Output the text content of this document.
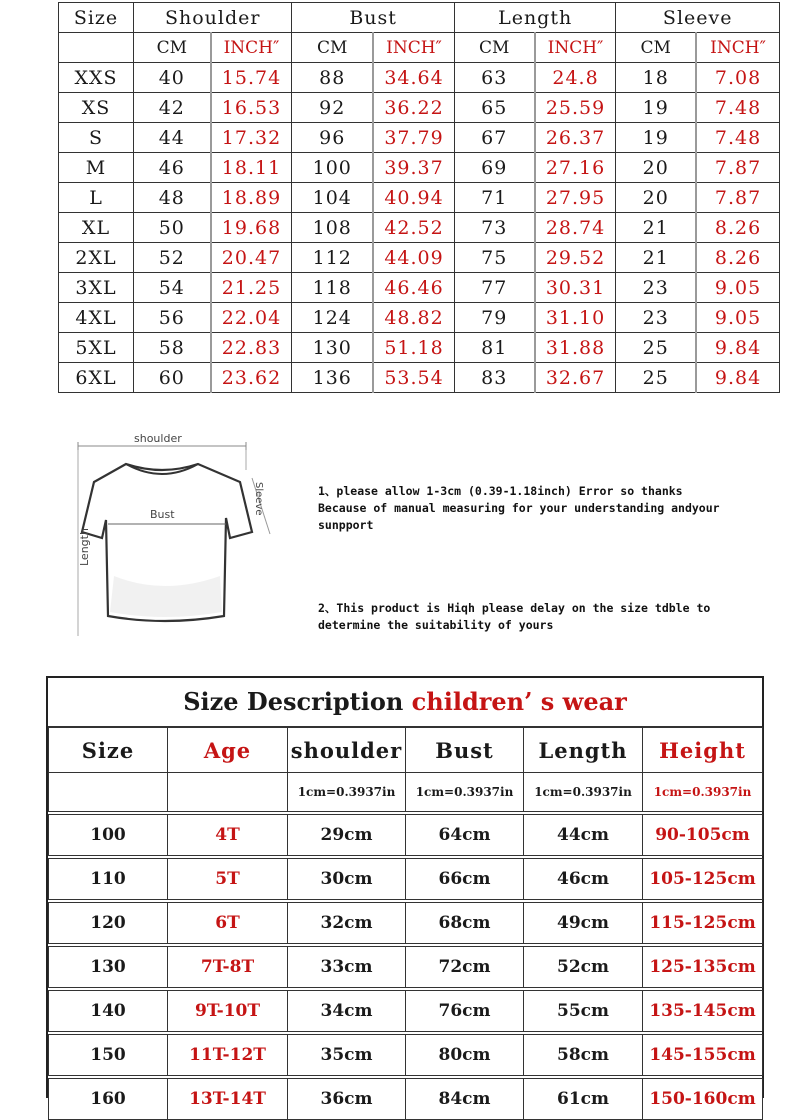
Size	Shoulder		Bust		Length		Sleeve	
	CM	INCH″	CM	INCH″	CM	INCH″	CM	INCH″
XXS	40	15.74	88	34.64	63	24.8	18	7.08
XS	42	16.53	92	36.22	65	25.59	19	7.48
S	44	17.32	96	37.79	67	26.37	19	7.48
M	46	18.11	100	39.37	69	27.16	20	7.87
L	48	18.89	104	40.94	71	27.95	20	7.87
XL	50	19.68	108	42.52	73	28.74	21	8.26
2XL	52	20.47	112	44.09	75	29.52	21	8.26
3XL	54	21.25	118	46.46	77	30.31	23	9.05
4XL	56	22.04	124	48.82	79	31.10	23	9.05
5XL	58	22.83	130	51.18	81	31.88	25	9.84
6XL	60	23.62	136	53.54	83	32.67	25	9.84
shoulder
Bust	Sleeve
Length
1、please allow 1-3cm (0.39-1.18inch) Error so thanks
Because of manual measuring for your understanding andyour
sunpport
2、This product is Hiqh please delay on the size tdble to
determine the suitability of yours
Size Description children’ s wear
Size	Age	shoulder	Bust	Length	Height
		1cm=0.3937in	1cm=0.3937in	1cm=0.3937in	1cm=0.3937in

100	4T	29cm	64cm	44cm	90-105cm

110	5T	30cm	66cm	46cm	105-125cm

120	6T	32cm	68cm	49cm	115-125cm

130	7T-8T	33cm	72cm	52cm	125-135cm

140	9T-10T	34cm	76cm	55cm	135-145cm

150	11T-12T	35cm	80cm	58cm	145-155cm

160	13T-14T	36cm	84cm	61cm	150-160cm
